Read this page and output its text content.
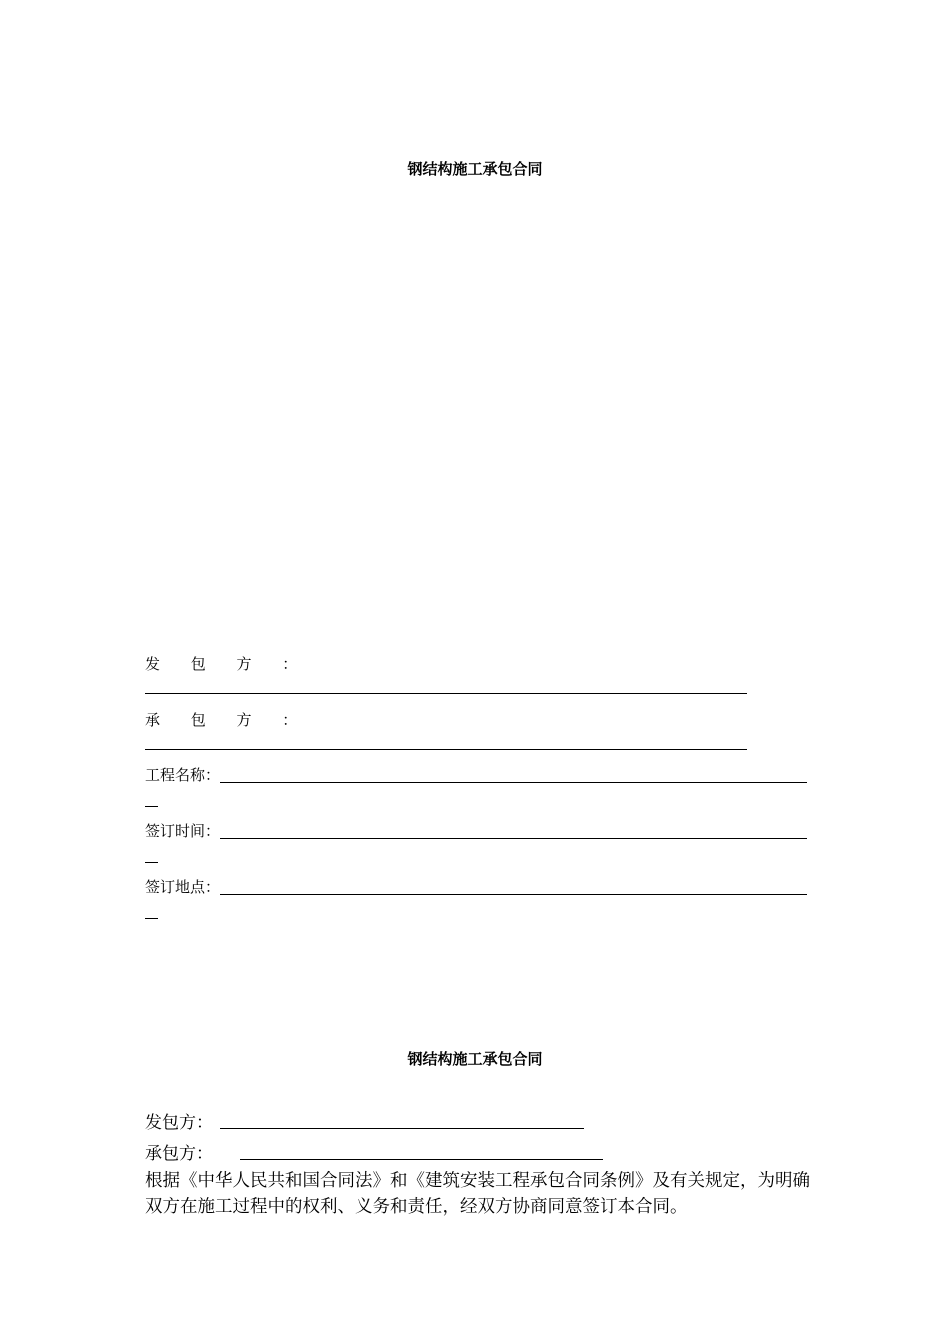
钢结构施工承包合同
发 包 方 ：
承 包 方 ：
工程名称：
签订时间：
签订地点：
钢结构施工承包合同
发包方：
承包方：
根据《中华人民共和国合同法》和《建筑安装工程承包合同条例》及有关规定，为明确双方在施工过程中的权利、义务和责任，经双方协商同意签订本合同。
